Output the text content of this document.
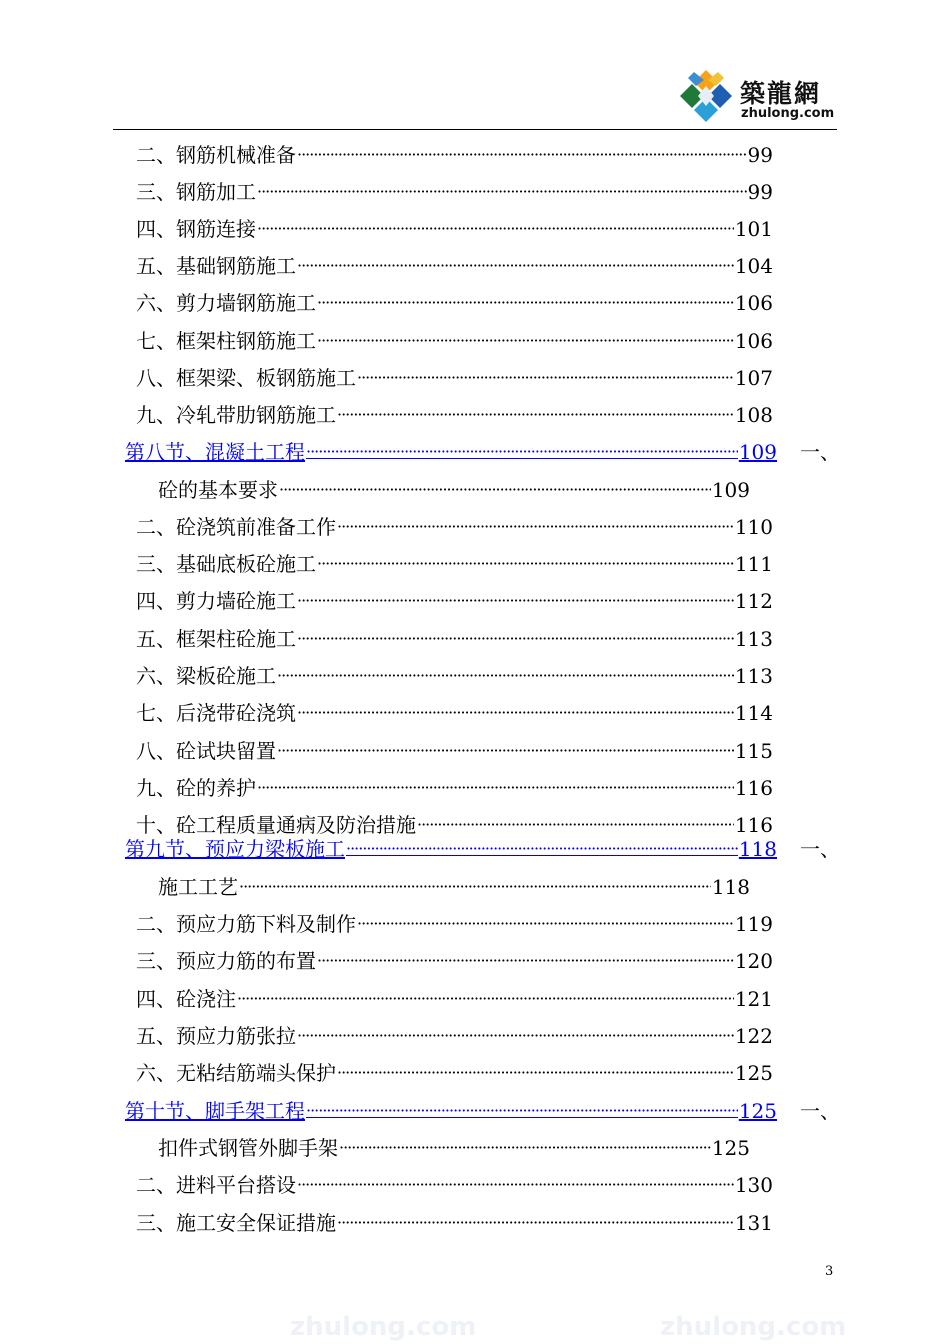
築龍網
zhulong.com
zhulong.com	zhulong.com
二、钢筋机械准备 ·····	99
三、钢筋加工 ·····	99
四、钢筋连接 ·····	101
五、基础钢筋施工 ·····	104
六、剪力墙钢筋施工 ·····	106
七、框架柱钢筋施工 ·····	106
八、框架梁、板钢筋施工 ·····	107
九、冷轧带肋钢筋施工 ·····	108
第八节、混凝土工程 ·····	109 一、
砼的基本要求 ·····	109
二、砼浇筑前准备工作 ·····	110
三、基础底板砼施工 ·····	111
四、剪力墙砼施工 ·····	112
五、框架柱砼施工 ·····	113
六、梁板砼施工 ·····	113
七、后浇带砼浇筑 ·····	114
八、砼试块留置 ·····	115
九、砼的养护 ·····	116
十、砼工程质量通病及防治措施 ·····	116
第九节、预应力梁板施工 ·····	118 一、
施工工艺 ·····	118
二、预应力筋下料及制作 ·····	119
三、预应力筋的布置 ·····	120
四、砼浇注 ·····	121
五、预应力筋张拉 ·····	122
六、无粘结筋端头保护 ·····	125
第十节、脚手架工程 ·····	125 一、
扣件式钢管外脚手架 ·····	125
二、进料平台搭设 ·····	130
三、施工安全保证措施 ·····	131
3
